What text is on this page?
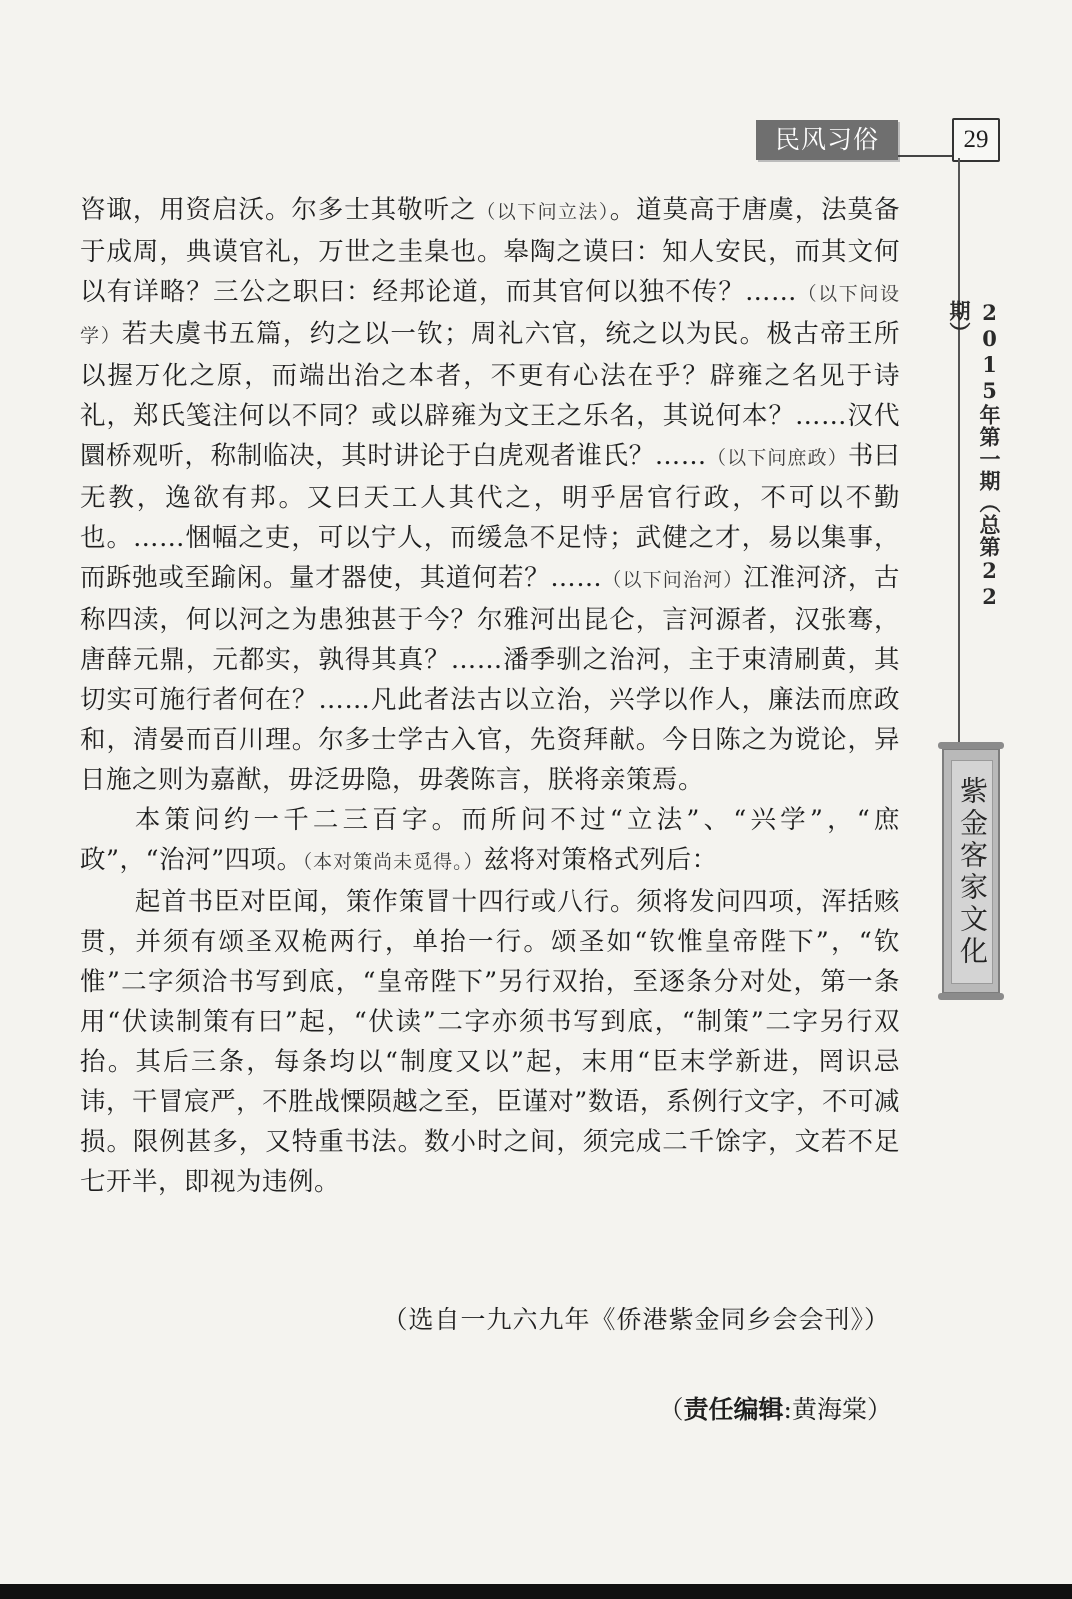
民风习俗	29
2015年第一期（总第22期）
紫金客家文化

咨诹，用资启沃。尔多士其敬听之（以下问立法）。道莫高于唐虞，法莫备于成周，典谟官礼，万世之圭臬也。皋陶之谟曰：知人安民，而其文何以有详略？三公之职曰：经邦论道，而其官何以独不传？……（以下问设学）若夫虞书五篇，约之以一钦；周礼六官，统之以为民。极古帝王所以握万化之原，而端出治之本者，不更有心法在乎？辟雍之名见于诗礼，郑氏笺注何以不同？或以辟雍为文王之乐名，其说何本？……汉代圜桥观听，称制临决，其时讲论于白虎观者谁氏？……（以下问庶政）书曰无教，逸欲有邦。又曰天工人其代之，明乎居官行政，不可以不勤也。……悃幅之吏，可以宁人，而缓急不足恃；武健之才，易以集事，而跅弛或至踰闲。量才器使，其道何若？……（以下问治河）江淮河济，古称四渎，何以河之为患独甚于今？尔雅河出昆仑，言河源者，汉张骞，唐薛元鼎，元都实，孰得其真？……潘季驯之治河，主于束清刷黄，其切实可施行者何在？……凡此者法古以立治，兴学以作人，廉法而庶政和，清晏而百川理。尔多士学古入官，先资拜献。今日陈之为谠论，异日施之则为嘉猷，毋泛毋隐，毋袭陈言，朕将亲策焉。

本策问约一千二三百字。而所问不过“立法”、“兴学”，“庶政”，“治河”四项。（本对策尚未觅得。）兹将对策格式列后：

起首书臣对臣闻，策作策冒十四行或八行。须将发问四项，浑括赅贯，并须有颂圣双桅两行，单抬一行。颂圣如“钦惟皇帝陛下”，“钦惟”二字须洽书写到底，“皇帝陛下”另行双抬，至逐条分对处，第一条用“伏读制策有曰”起，“伏读”二字亦须书写到底，“制策”二字另行双抬。其后三条，每条均以“制度又以”起，末用“臣末学新进，罔识忌讳，干冒宸严，不胜战慄陨越之至，臣谨对”数语，系例行文字，不可减损。限例甚多，又特重书法。数小时之间，须完成二千馀字，文若不足七开半，即视为违例。

（选自一九六九年《侨港紫金同乡会会刊》）
（责任编辑:黄海棠）
